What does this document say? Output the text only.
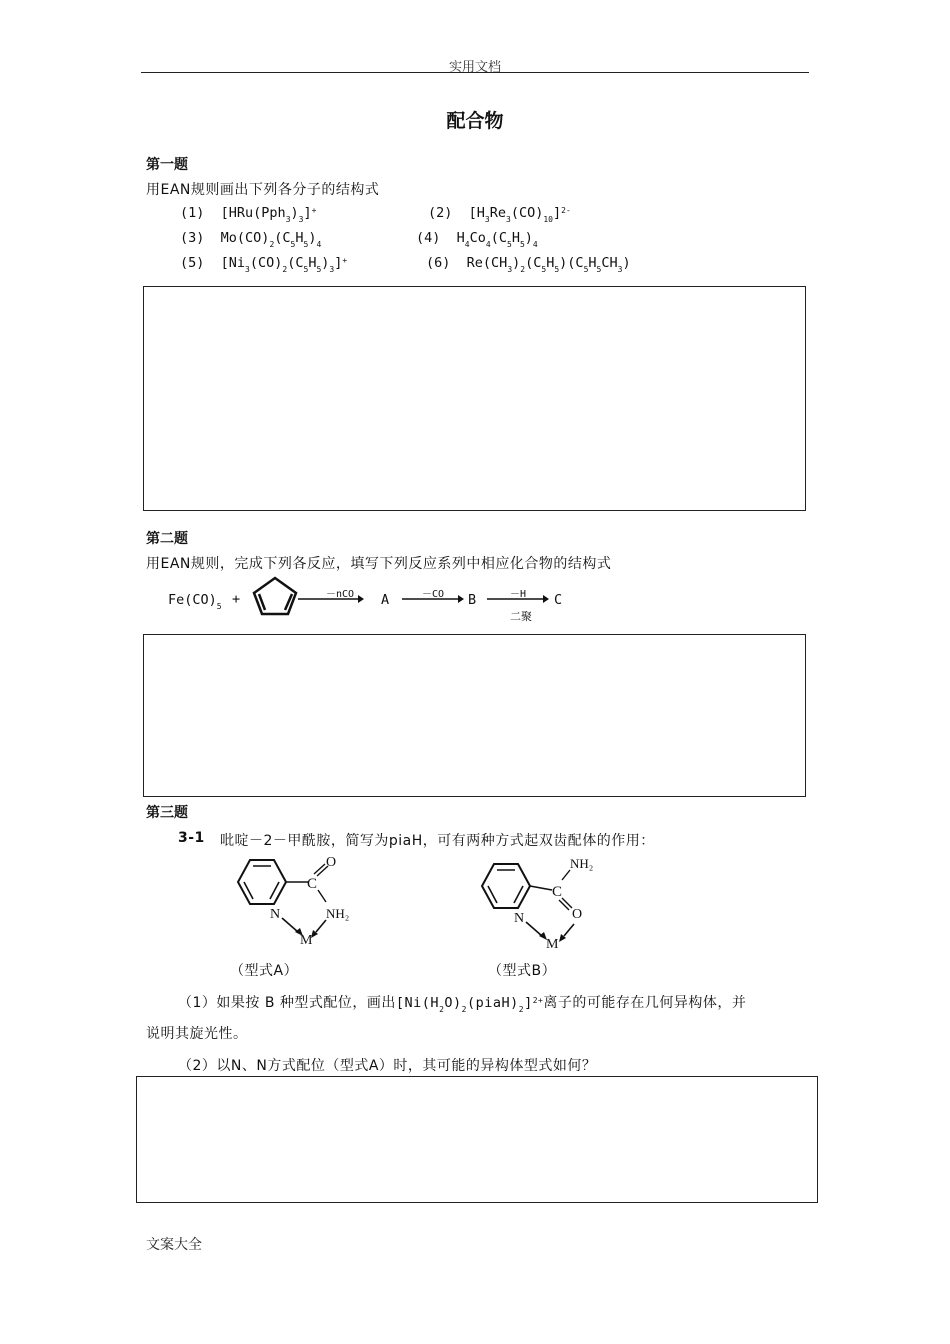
实用文档
配合物
第一题
用EAN规则画出下列各分子的结构式
(1)  $[HRu(Pph_3)_3]^+$	(2)  $[H_3Re_3(CO)_{10}]^{2-}$
(3)  $Mo(CO)_2(C_5H_5)_4$	(4)  $H_4Co_4(C_5H_5)_4$
(5)  $[Ni_3(CO)_2(C_5H_5)_3]^+$	(6)  $Re(CH_3)_2(C_5H_5)(C_5H_5CH_3)$
第二题
用EAN规则，完成下列各反应，填写下列反应系列中相应化合物的结构式
$Fe(CO)_5$ +	－nCO A	－CO → B	－H
二聚
C
第三题
3-1 吡啶－2－甲酰胺，简写为piaH，可有两种方式起双齿配体的作用：
C
O
NH₂
N
M
（型式A）
C
NH₂
O
N
M
（型式B）
（1）如果按 B 种型式配位，画出$[Ni(H_2O)_2(piaH)_2]^{2+}$离子的可能存在几何异构体，并
说明其旋光性。
（2）以N、N方式配位（型式A）时，其可能的异构体型式如何？
文案大全
